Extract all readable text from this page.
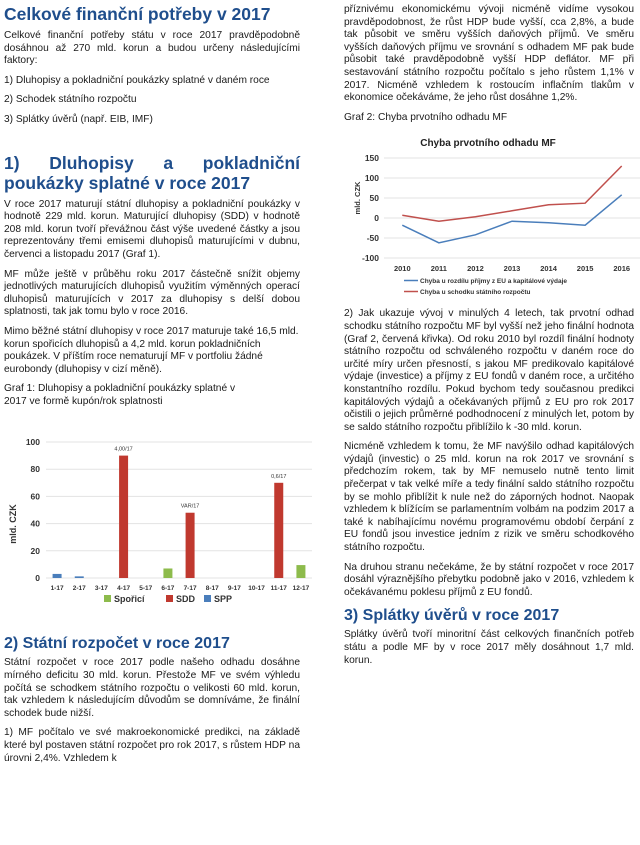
Celkové finanční potřeby v 2017

Celkové finanční potřeby státu v roce 2017 pravděpodobně dosáhnou až 270 mld. korun a budou určeny následujícími faktory:

1) Dluhopisy a pokladniční poukázky splatné v daném roce

2) Schodek státního rozpočtu

3) Splátky úvěrů (např. EIB, IMF)

1) Dluhopisy a pokladniční poukázky splatné v roce 2017

V roce 2017 maturují státní dluhopisy a pokladniční poukázky v hodnotě 229 mld. korun. Maturující dluhopisy (SDD) v hodnotě 208 mld. korun tvoří převážnou část výše uvedené částky a jsou reprezentovány třemi emisemi dluhopisů maturujícími v dubnu, červenci a listopadu 2017 (Graf 1).

MF může ještě v průběhu roku 2017 částečně snížit objemy jednotlivých maturujících dluhopisů využitím výměnných operací dluhopisů maturujících v 2017 za dluhopisy s delší dobou splatnosti, tak jak tomu bylo v roce 2016.

Mimo běžné státní dluhopisy v roce 2017 maturuje také 16,5 mld. korun spořicích dluhopisů a 4,2 mld. korun pokladničních poukázek. V příštím roce nematurují MF v portfoliu žádné eurobondy (dluhopisy v cizí měně).

Graf 1: Dluhopisy a pokladniční poukázky splatné v 2017 ve formě kupón/rok splatnosti
0
20
40
60
80
100
1-17 2-17 3-17 4-17 5-17 6-17 7-17 8-17 9-17 10-17 11-17 12-17
4,00/17
VAR/17
0,6/17
mld. CZK
Spořicí	SDD SPP
2) Státní rozpočet v roce 2017

Státní rozpočet v roce 2017 podle našeho odhadu dosáhne mírného deficitu 30 mld. korun. Přestože MF ve svém výhledu počítá se schodkem státního rozpočtu o velikosti 60 mld. korun, tak vzhledem k následujícím důvodům se domníváme, že finální schodek bude nižší.

1) MF počítalo ve své makroekonomické predikci, na základě které byl postaven státní rozpočet pro rok 2017, s růstem HDP na úrovni 2,4%. Vzhledem k

příznivému ekonomickému vývoji nicméně vidíme vysokou pravděpodobnost, že růst HDP bude vyšší, cca 2,8%, a bude tak působit ve směru vyšších daňových příjmů. Ve směru vyšších daňových příjmu ve srovnání s odhadem MF pak bude působit také pravděpodobně vyšší HDP deflátor. MF při sestavování státního rozpočtu počítalo s jeho růstem 1,1% v 2017. Nicméně vzhledem k rostoucím inflačním tlakům v ekonomice očekáváme, že jeho růst dosáhne 1,2%.

Graf 2: Chyba prvotního odhadu MF
Chyba prvotního odhadu MF
-100
-50
0
50
100
150
2010	2011	2012	2013	2014	2015	2016
mld. CZK
Chyba u rozdílu příjmy z EU a kapitálové výdaje
Chyba u schodku státního rozpočtu

2) Jak ukazuje vývoj v minulých 4 letech, tak prvotní odhad schodku státního rozpočtu MF byl vyšší než jeho finální hodnota (Graf 2, červená křivka). Od roku 2010 byl rozdíl finální hodnoty státního rozpočtu od schváleného rozpočtu v daném roce do určité míry určen přesností, s jakou MF predikovalo kapitálové výdaje (investice) a příjmy z EU fondů v daném roce, a určitého konstantního rozdílu. Pokud bychom tedy současnou predikci kapitálových výdajů a očekávaných příjmů z EU pro rok 2017 očistili o jejich průměrné podhodnocení z minulých let, potom by se saldo státního rozpočtu přiblížilo k -30 mld. korun.

Nicméně vzhledem k tomu, že MF navýšilo odhad kapitálových výdajů (investic) o 25 mld. korun na rok 2017 ve srovnání s předchozím rokem, tak by MF nemuselo nutně tento limit přečerpat v tak velké míře a tedy finální saldo státního rozpočtu by se mohlo přiblížit k nule než do záporných hodnot. Naopak vzhledem k blížícím se parlamentním volbám na podzim 2017 a také k nabíhajícímu novému programovému období čerpání z EU fondů jsou investice jedním z rizik ve směru schodkového státního rozpočtu.

Na druhou stranu nečekáme, že by státní rozpočet v roce 2017 dosáhl výraznějšího přebytku podobně jako v 2016, vzhledem k očekávanému poklesu příjmů z EU fondů.

3) Splátky úvěrů v roce 2017

Splátky úvěrů tvoří minoritní část celkových finančních potřeb státu a podle MF by v roce 2017 měly dosáhnout 1,7 mld. korun.
